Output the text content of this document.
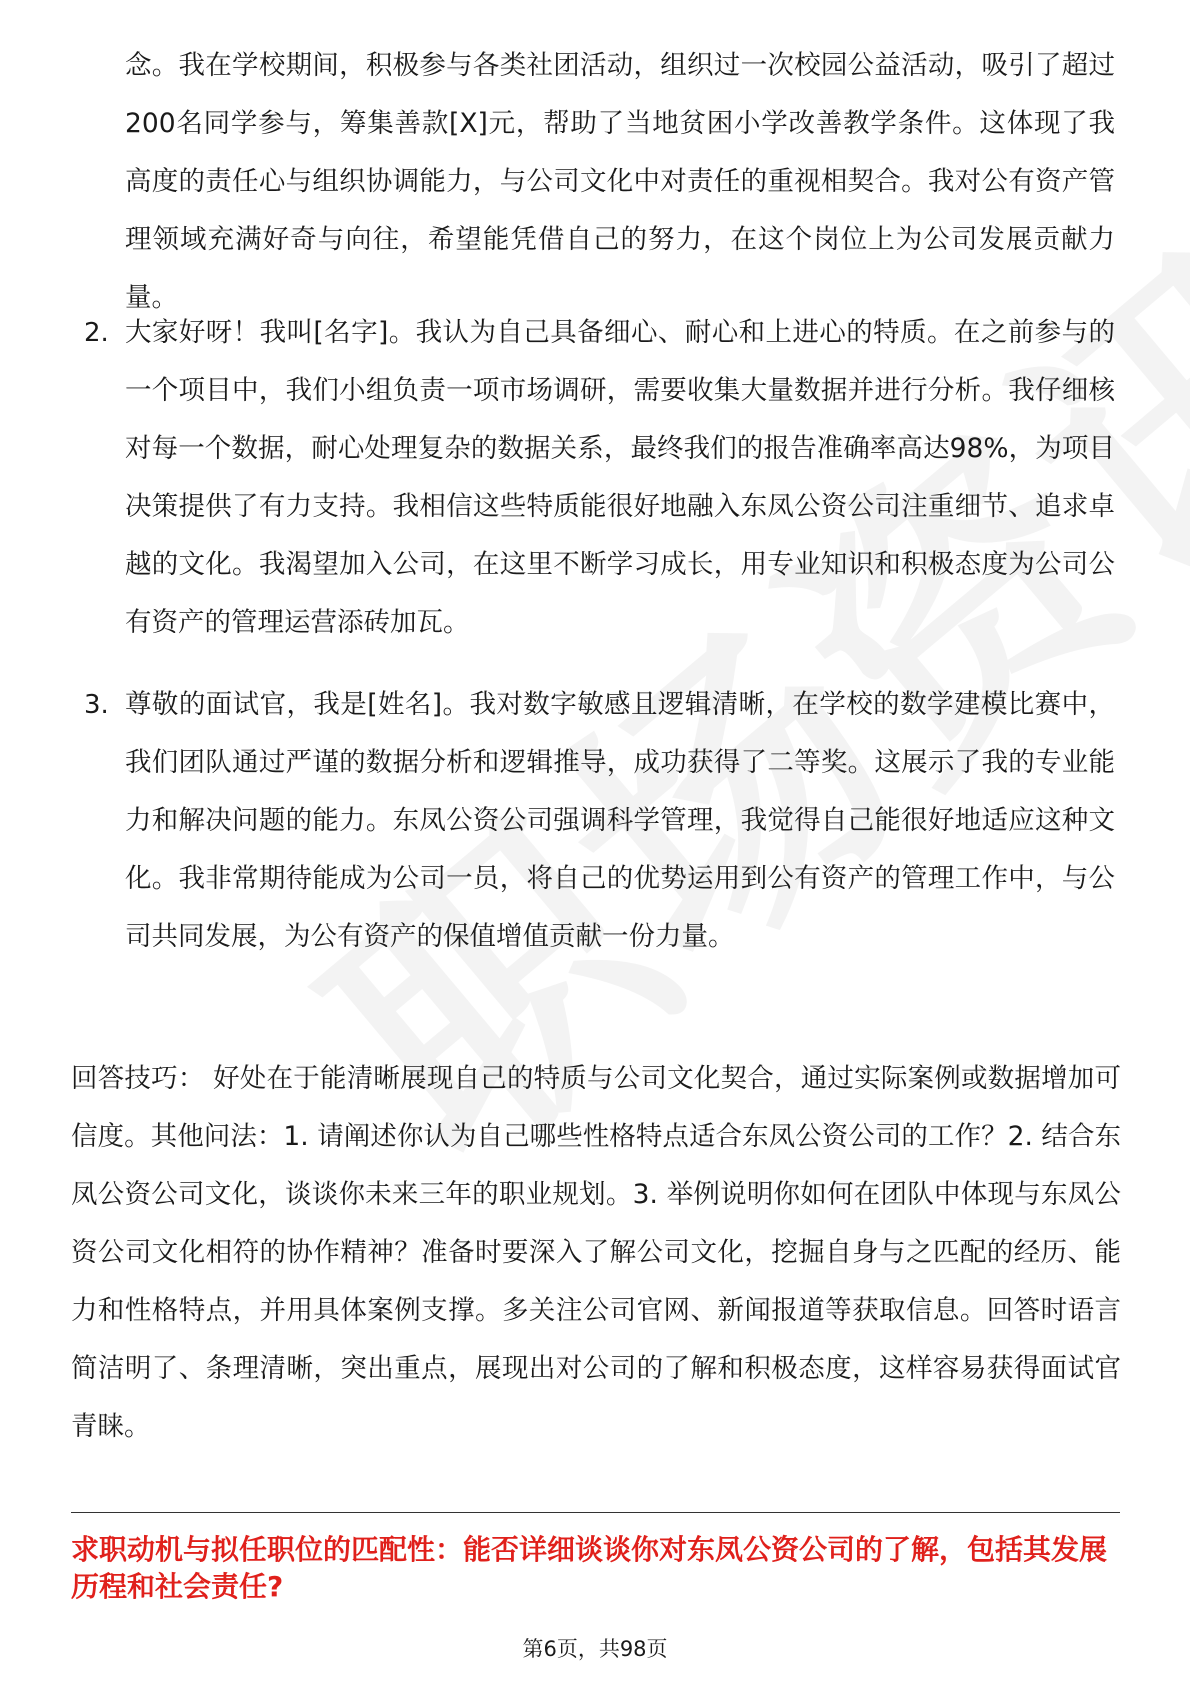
念。我在学校期间，积极参与各类社团活动，组织过一次校园公益活动，吸引了超过200名同学参与，筹集善款[X]元，帮助了当地贫困小学改善教学条件。这体现了我高度的责任心与组织协调能力，与公司文化中对责任的重视相契合。我对公有资产管理领域充满好奇与向往，希望能凭借自己的努力，在这个岗位上为公司发展贡献力量。
2. 大家好呀！我叫[名字]。我认为自己具备细心、耐心和上进心的特质。在之前参与的一个项目中，我们小组负责一项市场调研，需要收集大量数据并进行分析。我仔细核对每一个数据，耐心处理复杂的数据关系，最终我们的报告准确率高达98%，为项目决策提供了有力支持。我相信这些特质能很好地融入东凤公资公司注重细节、追求卓越的文化。我渴望加入公司，在这里不断学习成长，用专业知识和积极态度为公司公有资产的管理运营添砖加瓦。
3. 尊敬的面试官，我是[姓名]。我对数字敏感且逻辑清晰，在学校的数学建模比赛中，我们团队通过严谨的数据分析和逻辑推导，成功获得了二等奖。这展示了我的专业能力和解决问题的能力。东凤公资公司强调科学管理，我觉得自己能很好地适应这种文化。我非常期待能成为公司一员，将自己的优势运用到公有资产的管理工作中，与公司共同发展，为公有资产的保值增值贡献一份力量。
回答技巧： 好处在于能清晰展现自己的特质与公司文化契合，通过实际案例或数据增加可信度。其他问法：1. 请阐述你认为自己哪些性格特点适合东凤公资公司的工作？2. 结合东凤公资公司文化，谈谈你未来三年的职业规划。3. 举例说明你如何在团队中体现与东凤公资公司文化相符的协作精神？准备时要深入了解公司文化，挖掘自身与之匹配的经历、能力和性格特点，并用具体案例支撑。多关注公司官网、新闻报道等获取信息。回答时语言简洁明了、条理清晰，突出重点，展现出对公司的了解和积极态度，这样容易获得面试官青睐。
求职动机与拟任职位的匹配性：能否详细谈谈你对东凤公资公司的了解，包括其发展历程和社会责任?
第6页，共98页
